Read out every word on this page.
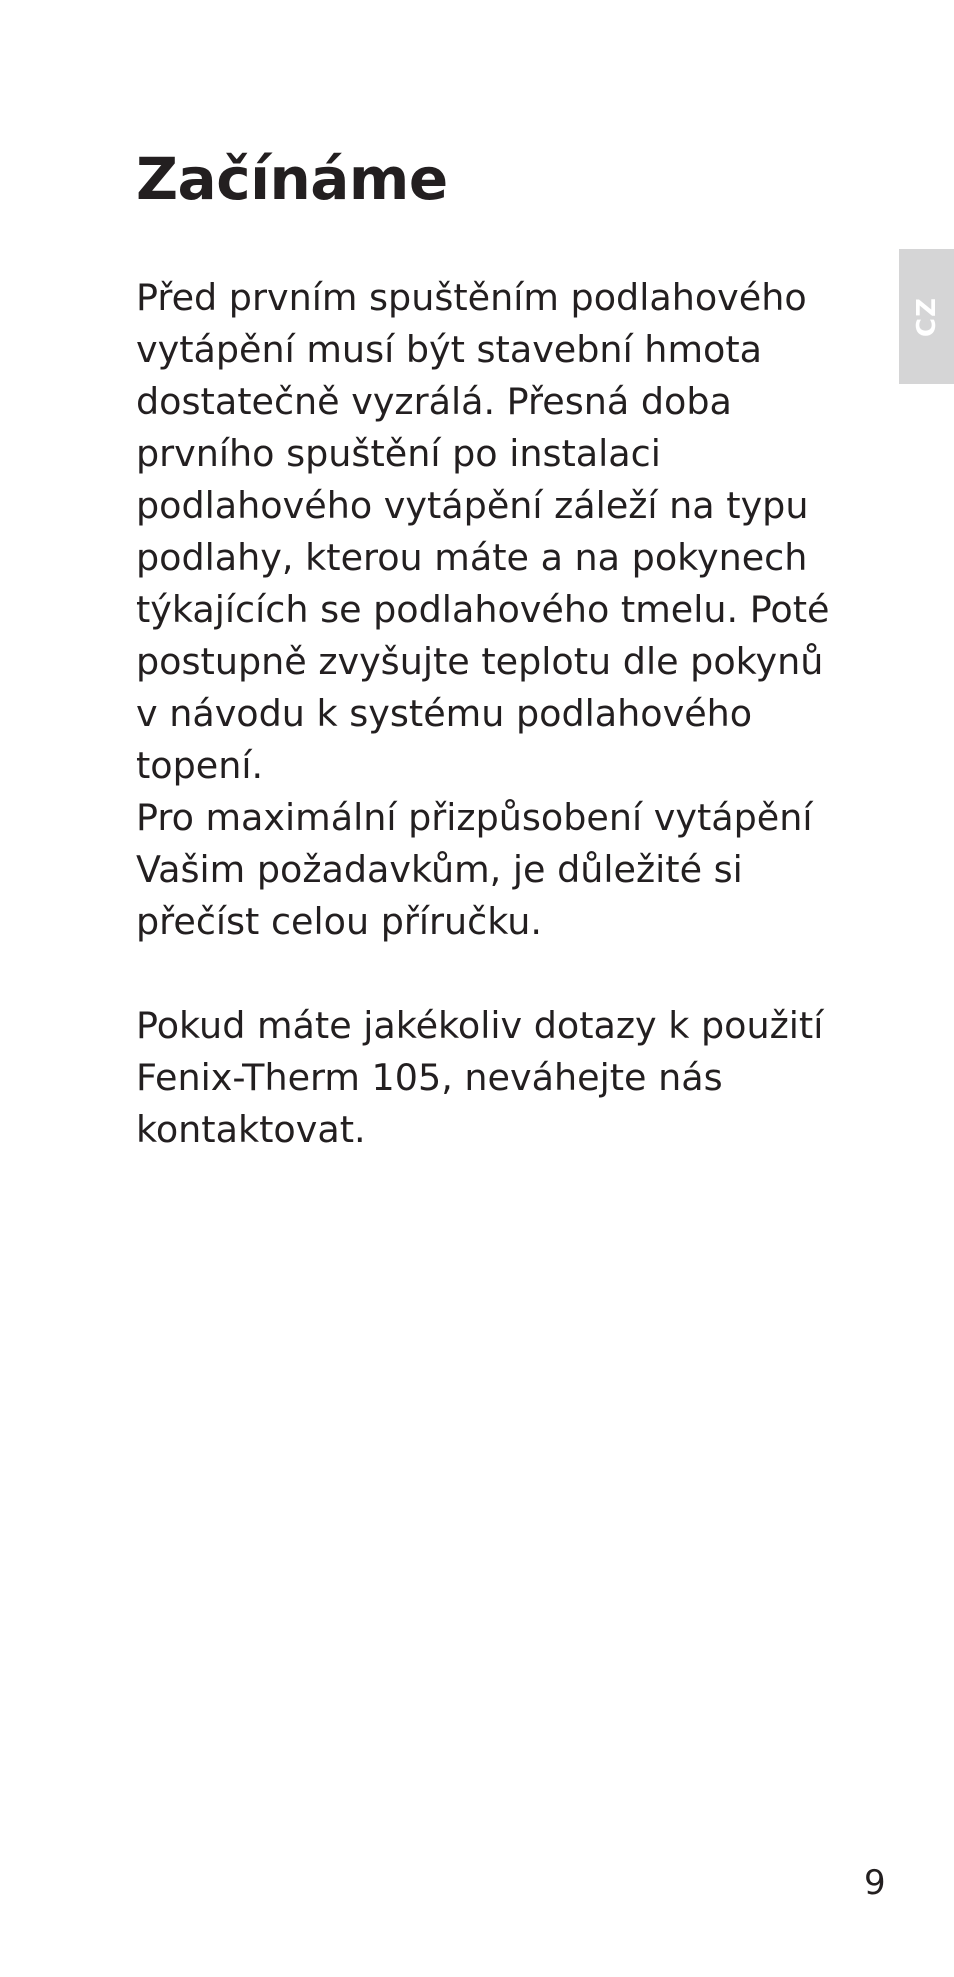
Začínáme
CZ

Před prvním spuštěním podlahového vytápění musí být stavební hmota dostatečně vyzrálá. Přesná doba prvního spuštění po instalaci podlahového vytápění záleží na typu podlahy, kterou máte a na pokynech týkajících se podlahového tmelu. Poté postupně zvyšujte teplotu dle pokynů v návodu k systému podlahového topení.

Pro maximální přizpůsobení vytápění Vašim požadavkům, je důležité si přečíst celou příručku.

Pokud máte jakékoliv dotazy k použití Fenix-Therm 105, neváhejte nás kontaktovat.

9
